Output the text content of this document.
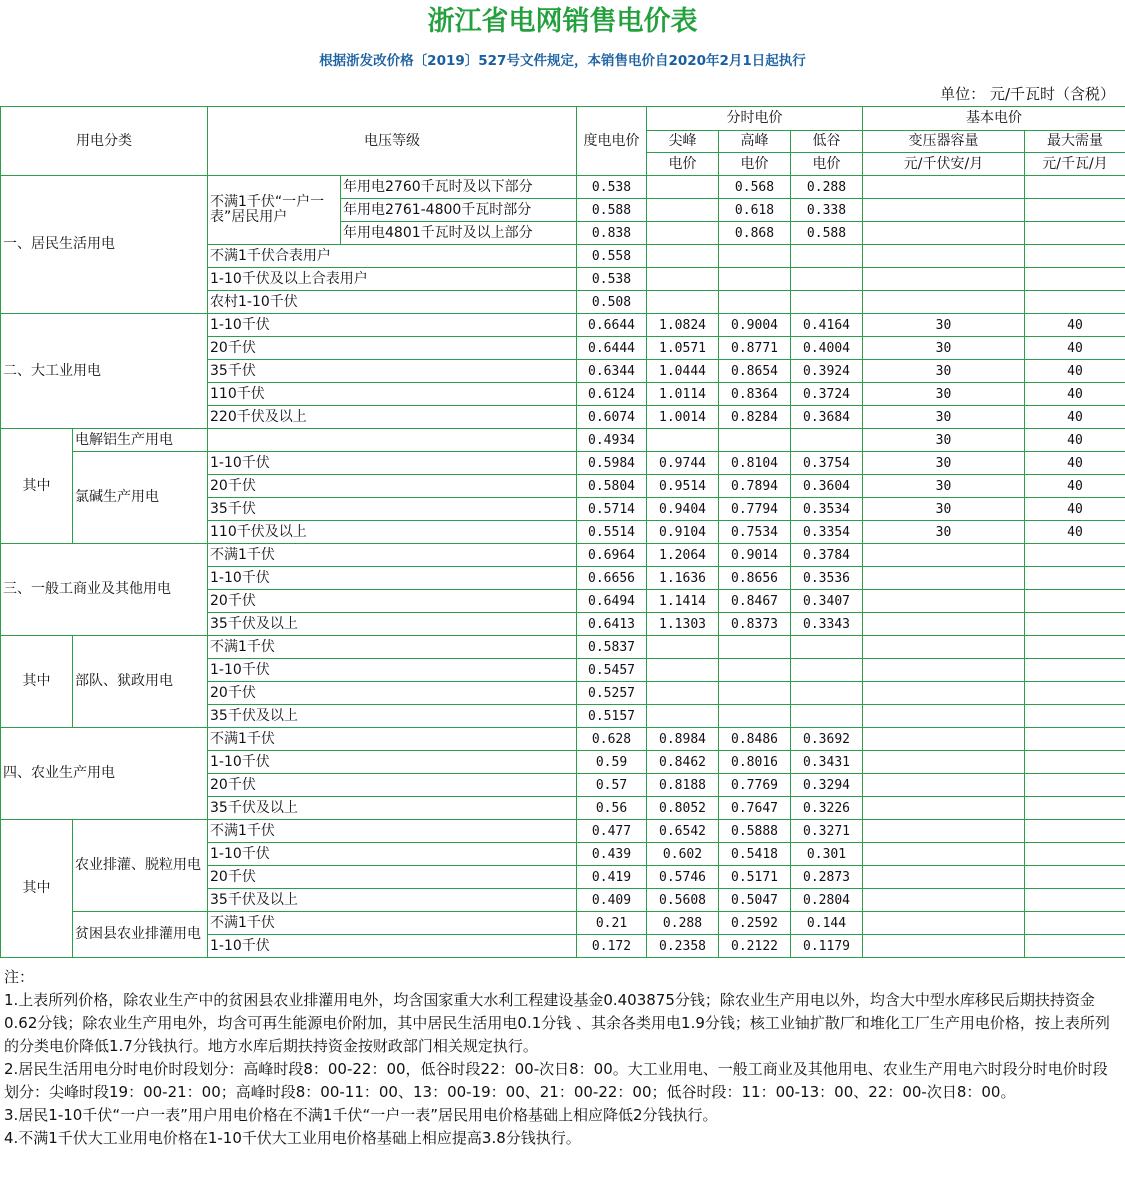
浙江省电网销售电价表
根据浙发改价格〔2019〕527号文件规定，本销售电价自2020年2月1日起执行
单位： 元/千瓦时（含税）
用电分类		电压等级		度电电价	分时电价			基本电价	
					尖峰	高峰	低谷	变压器容量	最大需量
					电价	电价	电价	元/千伏安/月	元/千瓦/月
一、居民生活用电		不满1千伏“一户一表”居民用户	年用电2760千瓦时及以下部分	0.538		0.568	0.288		
			年用电2761-4800千瓦时部分	0.588		0.618	0.338		
			年用电4801千瓦时及以上部分	0.838		0.868	0.588		
		不满1千伏合表用户		0.558					
		1-10千伏及以上合表用户		0.538					
		农村1-10千伏		0.508					
二、大工业用电		1-10千伏		0.6644	1.0824	0.9004	0.4164	30	40
		20千伏		0.6444	1.0571	0.8771	0.4004	30	40
		35千伏		0.6344	1.0444	0.8654	0.3924	30	40
		110千伏		0.6124	1.0114	0.8364	0.3724	30	40
		220千伏及以上		0.6074	1.0014	0.8284	0.3684	30	40
其中	电解铝生产用电			0.4934				30	40
	氯碱生产用电	1-10千伏		0.5984	0.9744	0.8104	0.3754	30	40
		20千伏		0.5804	0.9514	0.7894	0.3604	30	40
		35千伏		0.5714	0.9404	0.7794	0.3534	30	40
		110千伏及以上		0.5514	0.9104	0.7534	0.3354	30	40
三、一般工商业及其他用电		不满1千伏		0.6964	1.2064	0.9014	0.3784		
		1-10千伏		0.6656	1.1636	0.8656	0.3536		
		20千伏		0.6494	1.1414	0.8467	0.3407		
		35千伏及以上		0.6413	1.1303	0.8373	0.3343		
其中	部队、狱政用电	不满1千伏		0.5837					
		1-10千伏		0.5457					
		20千伏		0.5257					
		35千伏及以上		0.5157					
四、农业生产用电		不满1千伏		0.628	0.8984	0.8486	0.3692		
		1-10千伏		0.59	0.8462	0.8016	0.3431		
		20千伏		0.57	0.8188	0.7769	0.3294		
		35千伏及以上		0.56	0.8052	0.7647	0.3226		
其中	农业排灌、脱粒用电	不满1千伏		0.477	0.6542	0.5888	0.3271		
		1-10千伏		0.439	0.602	0.5418	0.301		
		20千伏		0.419	0.5746	0.5171	0.2873		
		35千伏及以上		0.409	0.5608	0.5047	0.2804		
	贫困县农业排灌用电	不满1千伏		0.21	0.288	0.2592	0.144		
		1-10千伏		0.172	0.2358	0.2122	0.1179		

注：

1.上表所列价格，除农业生产中的贫困县农业排灌用电外，均含国家重大水利工程建设基金0.403875分钱；除农业生产用电以外，均含大中型水库移民后期扶持资金0.62分钱；除农业生产用电外，均含可再生能源电价附加，其中居民生活用电0.1分钱 、其余各类用电1.9分钱；核工业铀扩散厂和堆化工厂生产用电价格，按上表所列的分类电价降低1.7分钱执行。地方水库后期扶持资金按财政部门相关规定执行。

2.居民生活用电分时电价时段划分：高峰时段8：00-22：00，低谷时段22：00-次日8：00。大工业用电、一般工商业及其他用电、农业生产用电六时段分时电价时段划分：尖峰时段19：00-21：00；高峰时段8：00-11：00、13：00-19：00、21：00-22：00；低谷时段：11：00-13：00、22：00-次日8：00。

3.居民1-10千伏“一户一表”用户用电价格在不满1千伏“一户一表”居民用电价格基础上相应降低2分钱执行。

4.不满1千伏大工业用电价格在1-10千伏大工业用电价格基础上相应提高3.8分钱执行。
